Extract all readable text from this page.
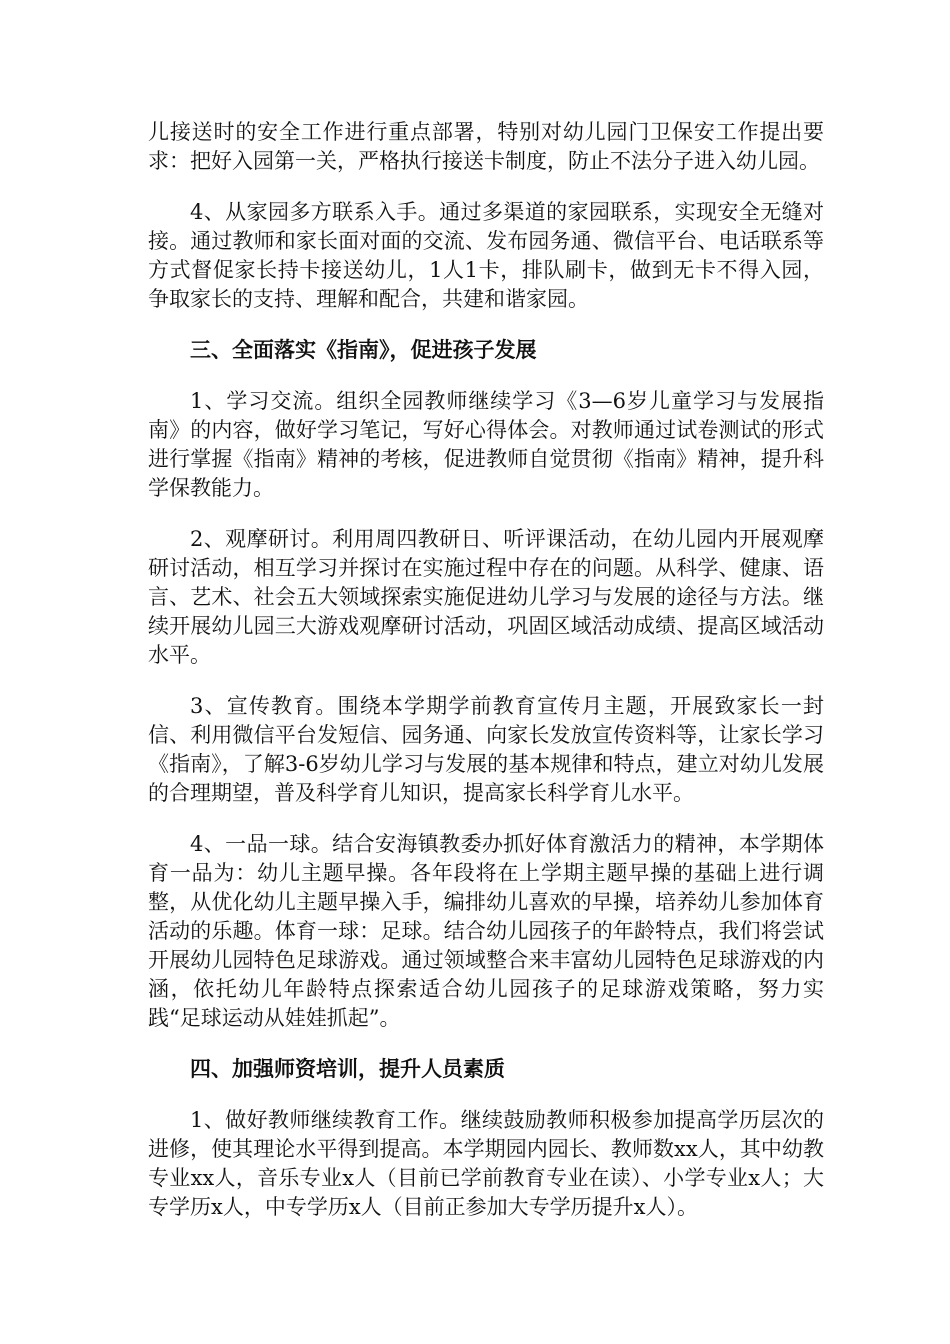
儿接送时的安全工作进行重点部署，特别对幼儿园门卫保安工作提出要求：把好入园第一关，严格执行接送卡制度，防止不法分子进入幼儿园。

4、从家园多方联系入手。通过多渠道的家园联系，实现安全无缝对接。通过教师和家长面对面的交流、发布园务通、微信平台、电话联系等方式督促家长持卡接送幼儿，1人1卡，排队刷卡，做到无卡不得入园，争取家长的支持、理解和配合，共建和谐家园。

三、全面落实《指南》，促进孩子发展

1、学习交流。组织全园教师继续学习《3—6岁儿童学习与发展指南》的内容，做好学习笔记，写好心得体会。对教师通过试卷测试的形式进行掌握《指南》精神的考核，促进教师自觉贯彻《指南》精神，提升科学保教能力。

2、观摩研讨。利用周四教研日、听评课活动，在幼儿园内开展观摩研讨活动，相互学习并探讨在实施过程中存在的问题。从科学、健康、语言、艺术、社会五大领域探索实施促进幼儿学习与发展的途径与方法。继续开展幼儿园三大游戏观摩研讨活动，巩固区域活动成绩、提高区域活动水平。

3、宣传教育。围绕本学期学前教育宣传月主题，开展致家长一封信、利用微信平台发短信、园务通、向家长发放宣传资料等，让家长学习《指南》，了解3-6岁幼儿学习与发展的基本规律和特点，建立对幼儿发展的合理期望，普及科学育儿知识，提高家长科学育儿水平。

4、一品一球。结合安海镇教委办抓好体育激活力的精神，本学期体育一品为：幼儿主题早操。各年段将在上学期主题早操的基础上进行调整，从优化幼儿主题早操入手，编排幼儿喜欢的早操，培养幼儿参加体育活动的乐趣。体育一球：足球。结合幼儿园孩子的年龄特点，我们将尝试开展幼儿园特色足球游戏。通过领域整合来丰富幼儿园特色足球游戏的内涵，依托幼儿年龄特点探索适合幼儿园孩子的足球游戏策略，努力实践“足球运动从娃娃抓起”。

四、加强师资培训，提升人员素质

1、做好教师继续教育工作。继续鼓励教师积极参加提高学历层次的进修，使其理论水平得到提高。本学期园内园长、教师数xx人，其中幼教专业xx人，音乐专业x人（目前已学前教育专业在读）、小学专业x人；大专学历x人，中专学历x人（目前正参加大专学历提升x人）。
